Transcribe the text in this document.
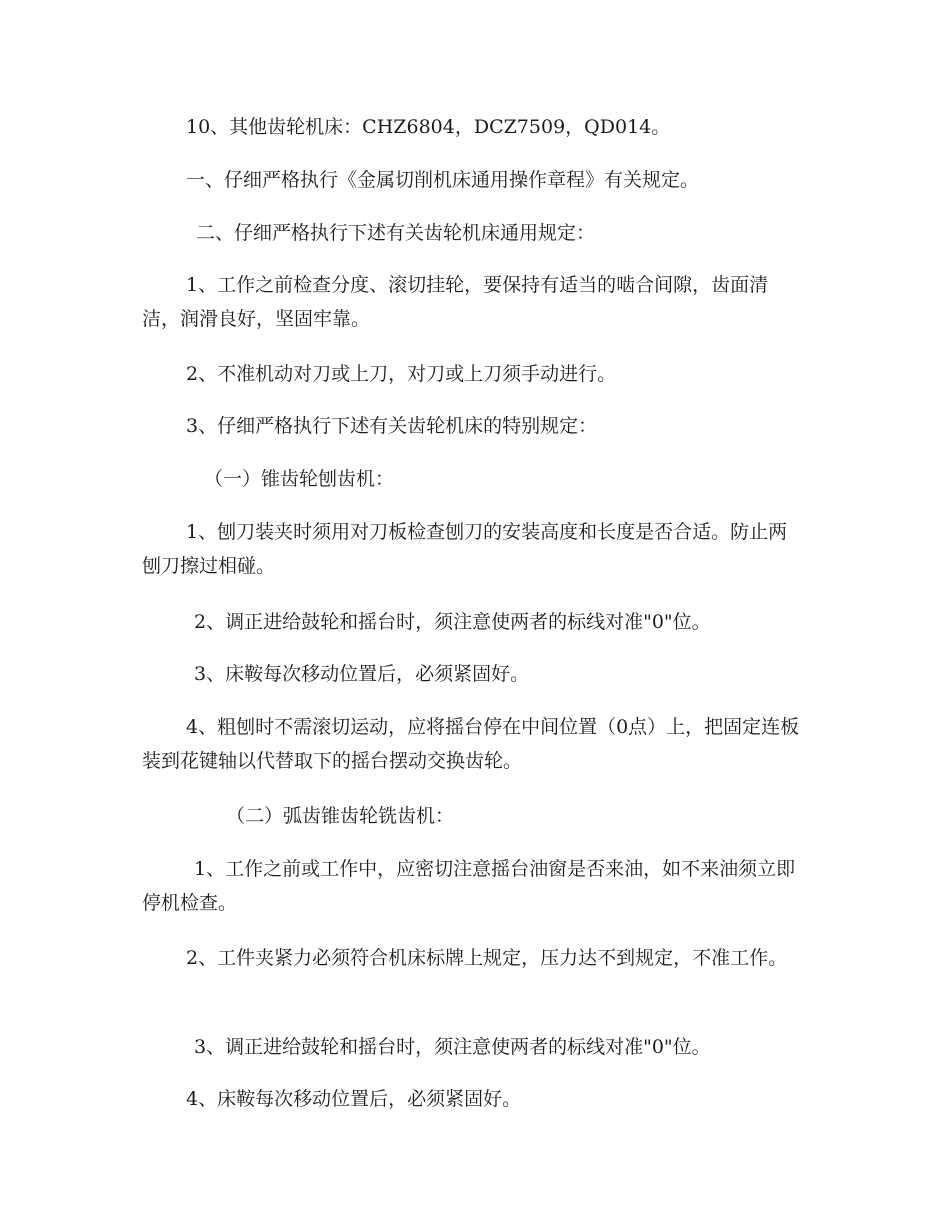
10、其他齿轮机床：CHZ6804，DCZ7509，QD014。

一、仔细严格执行《金属切削机床通用操作章程》有关规定。

二、仔细严格执行下述有关齿轮机床通用规定：

1、工作之前检查分度、滚切挂轮，要保持有适当的啮合间隙，齿面清洁，润滑良好，坚固牢靠。

2、不准机动对刀或上刀，对刀或上刀须手动进行。

3、仔细严格执行下述有关齿轮机床的特别规定：

（一）锥齿轮刨齿机：

1、刨刀装夹时须用对刀板检查刨刀的安装高度和长度是否合适。防止两刨刀擦过相碰。

2、调正进给鼓轮和摇台时，须注意使两者的标线对准"0"位。

3、床鞍每次移动位置后，必须紧固好。

4、粗刨时不需滚切运动，应将摇台停在中间位置（0点）上，把固定连板装到花键轴以代替取下的摇台摆动交换齿轮。

（二）弧齿锥齿轮铣齿机：

1、工作之前或工作中，应密切注意摇台油窗是否来油，如不来油须立即停机检查。

2、工件夹紧力必须符合机床标牌上规定，压力达不到规定，不准工作。

3、调正进给鼓轮和摇台时，须注意使两者的标线对准"0"位。

4、床鞍每次移动位置后，必须紧固好。
